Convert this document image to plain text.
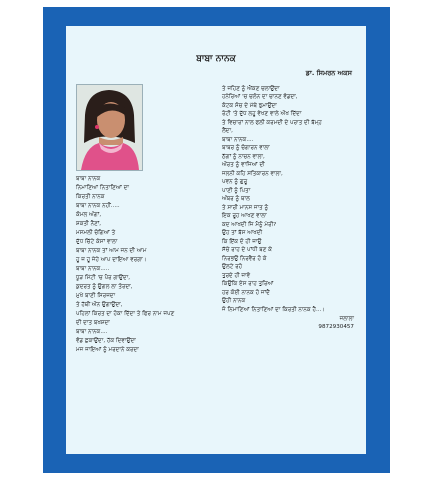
ਬਾਬਾ ਨਾਨਕ
ਡਾ. ਸਿਮਰਨ ਅਕਸ
ਤੇ ਜਹਿਣ ਨੂੰ ਐਂਕਣ ਚਲਾਉਂਦਾ
ਹਨੇਰਿਆਂ 'ਚ ਚਲੋਨ ਦਾ ਚਾਨਣ ਵੰਡਦਾ,
ਕੰਟਕ ਸੋਚ ਦੇ ਮੱਥੇ ਝੁਮਾਉਂਦਾ
ਰੋਟੀ 'ਤੇ ਦੁੱਧ ਲਹੂ ਵੇਖਣ ਵਾਲੇ ਔਖ ਦਿੱਦਾ
ਤੇ ਵਿਚਾਰਾਂ ਨਾਲ ਫਲੀ ਕਰਮਦੀ ਦੇ ਪਰਾਤ ਦੀ ਬੱਮ੍ਹ
ਲੈਂਦਾ,
ਬਾਬਾ ਨਾਨਕ....
ਬਾਬਰ ਨੂੰ ਚੰਗਾਰਨ ਵਾਲਾ
ਠੱਗਾਂ ਨੂੰ ਨਾਚਨ ਵਾਲਾ,
ਔਰਤ ਨੂੰ ਵਾਜਿਆਂ ਦੀ
ਜਲਨੀ ਕਹਿ ਸਤਿਕਾਰਨ ਵਾਲਾ,
ਪਵਨ ਨੂੰ ਗੁਰੂ
ਪਾਣੀ ਨੂੰ ਪਿਤਾ
ਅੰਬਰ ਨੂੰ ਥਾਲ
ਤੇ ਸਾਰੀ ਮਾਨਸ ਜਾਤ ਨੂੰ
ਇਕ ਰੂਹ ਆਖਣ ਵਾਲਾ
ਕਦ ਆਖਦੀ ਜਿ ਮੈਨੂੰ ਮੇਰੀ?
ਉਹ ਤਾਂ ਬੱਸ ਆਖਦੀ
ਕਿ ਇੱਕ ਦੋ ਹੀ ਜਾਉ
ਸੱਚੇ ਰਾਹ ਦੇ ਪਾਂਧੀ ਬਣ ਕੇ
ਨਿਰਭਉ ਨਿਰਵੈਰ ਹੋ ਕੇ
ਉਲਟੇ ਰਹੋ
ਤੁਰਦੇ ਹੀ ਜਾਵੋ
ਕਿਉਂਕਿ ਏਸ ਰਾਹ ਤੁਰਿਆਂ
ਹਰ ਕੋਈ ਨਾਨਕ ਹੋ ਜਾਂਦੈ
ਉਹੀ ਨਾਨਕ
ਜੋ ਨਿਮਾਣਿਆਂ ਨਿਤਾਣਿਆਂ ਦਾ ਕਿਰਤੀ ਨਾਨਕ ਹੈ...।
ਬਾਬਾ ਨਾਨਕ
ਨਿਮਾਣਿਆਂ ਨਿਤਾਣਿਆਂ ਦਾ
ਕਿਰਤੀ ਨਾਨਕ
ਬਾਬਾ ਨਾਨਕ ਨਹੀਂ.....
ਕੋਮਲ ਅੰਗਾਂ,
ਸ਼ਕਤੀ ਨੈਣਾਂ,
ਮਸਮਲੀ ਚੋਗਿਆਂ ਤੇ
ਦੁੱਧ ਚਿੱਟੇ ਕੇਸਾਂ ਵਾਲਾ
ਬਾਬਾ ਨਾਨਕ ਤਾਂ ਆਮ ਜਨ ਦੀ ਆਮ
ਹੂ ਜ ਹੂ ਜੇਹੇ ਆਪ ਦਾਇਆ ਵਰਗਾ।
ਬਾਬਾ ਨਾਨਕ.....
ਧੂੜ ਮਿੱਟੀ 'ਚ ਪੈਰ ਗਾਉਂਦਾ,
ਕੁਦਰਤ ਨੂੰ ਉਗਲ ਲਾ ਤੋਰਦਾ,
ਮੁਖੇ ਬਾਣੀ ਸਿਰਜਦਾ
ਤੇ ਹੱਥੀਂ ਔਨ ਉਗਾਉਂਦਾ,
ਪਹਿਲਾਂ ਕਿਰਤ ਦਾ ਹੋਕਾ ਦਿੱਦਾ ਤੇ ਫਿਰ ਨਾਮ ਜਪਣ
ਦੀ ਦਾਤ ਬਖਸ਼ਦਾ
ਬਾਬਾ ਨਾਨਕ....
ਵੰਡ ਛਕਾਉਂਦਾ, ਹੱਕ ਦਿਵਾਉਂਦਾ
ਮਜ ਜਾਇਆਂ ਨੂੰ ਮਰਦਾਨੇ ਕਰਦਾ
ਜਲਾਲਾ
9872930457
